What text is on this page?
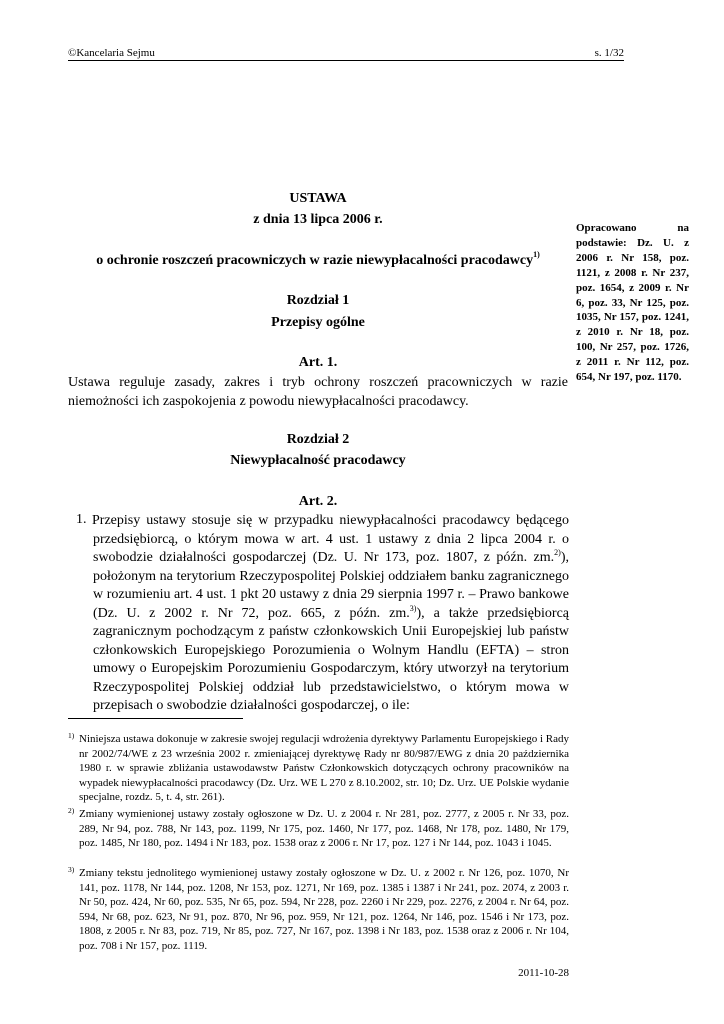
©Kancelaria Sejmu	s. 1/32
USTAWA
z dnia 13 lipca 2006 r.
o ochronie roszczeń pracowniczych w razie niewypłacalności pracodawcy$^{1)}$
Opracowano na podstawie: Dz. U. z 2006 r. Nr 158, poz. 1121, z 2008 r. Nr 237, poz. 1654, z 2009 r. Nr 6, poz. 33, Nr 125, poz. 1035, Nr 157, poz. 1241, z 2010 r. Nr 18, poz. 100, Nr 257, poz. 1726, z 2011 r. Nr 112, poz. 654, Nr 197, poz. 1170.
Rozdział 1
Przepisy ogólne
Art. 1.
Ustawa reguluje zasady, zakres i tryb ochrony roszczeń pracowniczych w razie niemożności ich zaspokojenia z powodu niewypłacalności pracodawcy.
Rozdział 2
Niewypłacalność pracodawcy
Art. 2.
1. Przepisy ustawy stosuje się w przypadku niewypłacalności pracodawcy będącego przedsiębiorcą, o którym mowa w art. 4 ust. 1 ustawy z dnia 2 lipca 2004 r. o swobodzie działalności gospodarczej (Dz. U. Nr 173, poz. 1807, z późn. zm.$^{2)}$), położonym na terytorium Rzeczypospolitej Polskiej oddziałem banku zagranicznego w rozumieniu art. 4 ust. 1 pkt 20 ustawy z dnia 29 sierpnia 1997 r. – Prawo bankowe (Dz. U. z 2002 r. Nr 72, poz. 665, z późn. zm.$^{3)}$), a także przedsiębiorcą zagranicznym pochodzącym z państw członkowskich Unii Europejskiej lub państw członkowskich Europejskiego Porozumienia o Wolnym Handlu (EFTA) – stron umowy o Europejskim Porozumieniu Gospodarczym, który utworzył na terytorium Rzeczypospolitej Polskiej oddział lub przedstawicielstwo, o którym mowa w przepisach o swobodzie działalności gospodarczej, o ile:
1) Niniejsza ustawa dokonuje w zakresie swojej regulacji wdrożenia dyrektywy Parlamentu Europejskiego i Rady nr 2002/74/WE z 23 września 2002 r. zmieniającej dyrektywę Rady nr 80/987/EWG z dnia 20 października 1980 r. w sprawie zbliżania ustawodawstw Państw Członkowskich dotyczących ochrony pracowników na wypadek niewypłacalności pracodawcy (Dz. Urz. WE L 270 z 8.10.2002, str. 10; Dz. Urz. UE Polskie wydanie specjalne, rozdz. 5, t. 4, str. 261).
2) Zmiany wymienionej ustawy zostały ogłoszone w Dz. U. z 2004 r. Nr 281, poz. 2777, z 2005 r. Nr 33, poz. 289, Nr 94, poz. 788, Nr 143, poz. 1199, Nr 175, poz. 1460, Nr 177, poz. 1468, Nr 178, poz. 1480, Nr 179, poz. 1485, Nr 180, poz. 1494 i Nr 183, poz. 1538 oraz z 2006 r. Nr 17, poz. 127 i Nr 144, poz. 1043 i 1045.
3) Zmiany tekstu jednolitego wymienionej ustawy zostały ogłoszone w Dz. U. z 2002 r. Nr 126, poz. 1070, Nr 141, poz. 1178, Nr 144, poz. 1208, Nr 153, poz. 1271, Nr 169, poz. 1385 i 1387 i Nr 241, poz. 2074, z 2003 r. Nr 50, poz. 424, Nr 60, poz. 535, Nr 65, poz. 594, Nr 228, poz. 2260 i Nr 229, poz. 2276, z 2004 r. Nr 64, poz. 594, Nr 68, poz. 623, Nr 91, poz. 870, Nr 96, poz. 959, Nr 121, poz. 1264, Nr 146, poz. 1546 i Nr 173, poz. 1808, z 2005 r. Nr 83, poz. 719, Nr 85, poz. 727, Nr 167, poz. 1398 i Nr 183, poz. 1538 oraz z 2006 r. Nr 104, poz. 708 i Nr 157, poz. 1119.
2011-10-28
